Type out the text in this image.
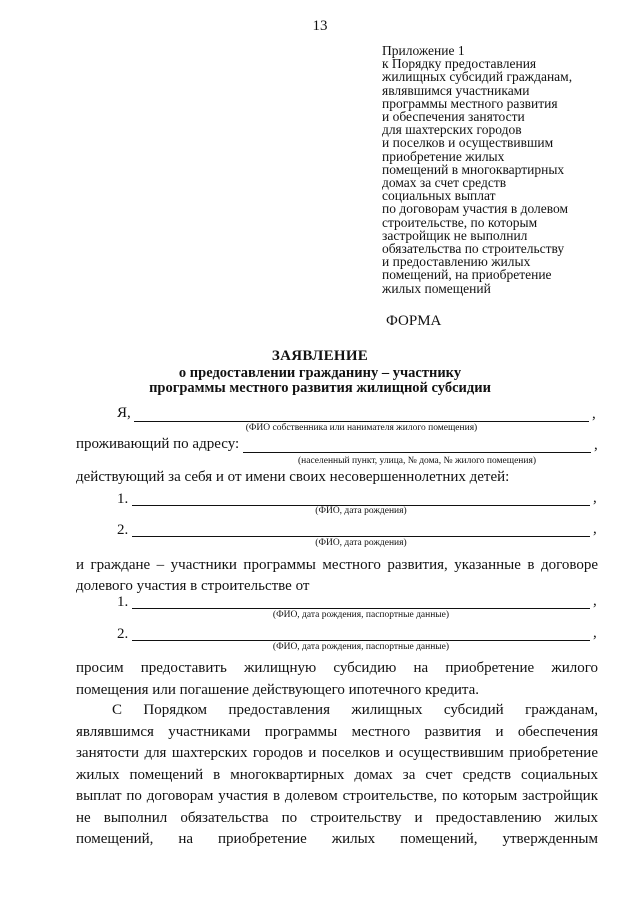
13
Приложение 1
к Порядку предоставления
жилищных субсидий гражданам,
являвшимся участниками
программы местного развития
и обеспечения занятости
для шахтерских городов
и поселков и осуществившим
приобретение жилых
помещений в многоквартирных
домах за счет средств
социальных выплат
по договорам участия в долевом
строительстве, по которым
застройщик не выполнил
обязательства по строительству
и предоставлению жилых
помещений, на приобретение
жилых помещений
ФОРМА
ЗАЯВЛЕНИЕ
о предоставлении гражданину – участнику
программы местного развития жилищной субсидии
Я,	,
(ФИО собственника или нанимателя жилого помещения)
проживающий по адресу:	,
(населенный пункт, улица, № дома, № жилого помещения)
действующий за себя и от имени своих несовершеннолетних детей:
1.	,
(ФИО, дата рождения)
2.	,
(ФИО, дата рождения)
и граждане – участники программы местного развития, указанные в договоре
долевого участия в строительстве от
1.	,
(ФИО, дата рождения, паспортные данные)
2.	,
(ФИО, дата рождения, паспортные данные)
просим предоставить жилищную субсидию на приобретение жилого
помещения или погашение действующего ипотечного кредита.
С Порядком предоставления жилищных субсидий гражданам,
являвшимся участниками программы местного развития и обеспечения
занятости для шахтерских городов и поселков и осуществившим приобретение
жилых помещений в многоквартирных домах за счет средств социальных
выплат по договорам участия в долевом строительстве, по которым застройщик
не выполнил обязательства по строительству и предоставлению жилых
помещений, на приобретение жилых помещений, утвержденным
